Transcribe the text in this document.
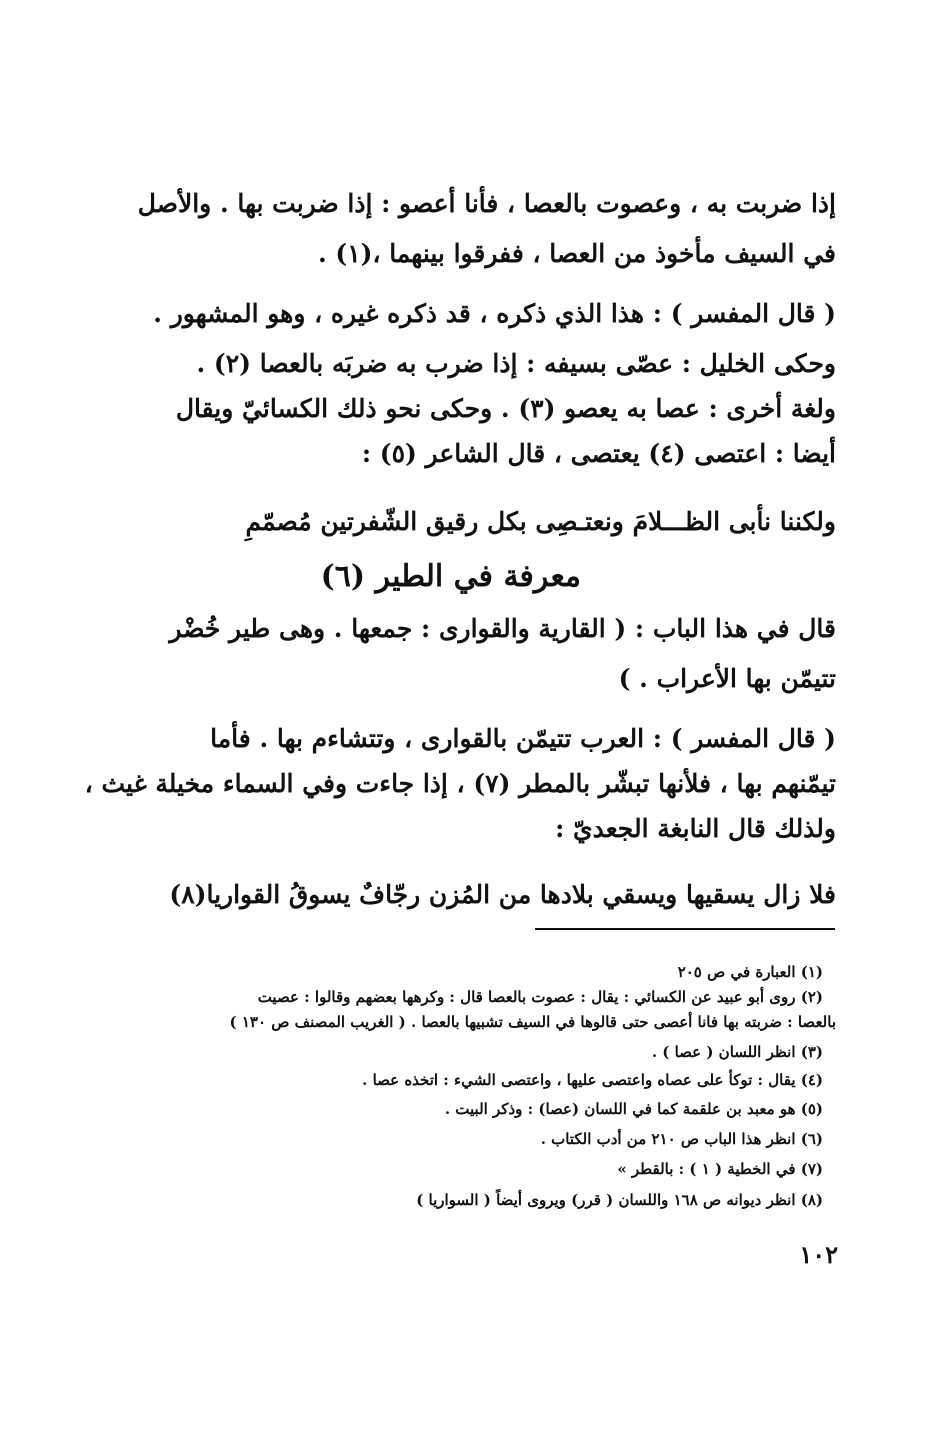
إذا ضربت به ، وعصوت بالعصا ، فأنا أعصو : إذا ضربت بها . والأصل
في السيف مأخوذ من العصا ، ففرقوا بينهما ،(١) .
( قال المفسر ) : هذا الذي ذكره ، قد ذكره غيره ، وهو المشهور .
وحكى الخليل : عصّى بسيفه : إذا ضرب به ضربَه بالعصا (٢) .
ولغة أخرى : عصا به يعصو (٣) . وحكى نحو ذلك الكسائيّ ويقال
أيضا : اعتصى (٤) يعتصى ، قال الشاعر (٥) :
ولكننا نأبى الظـــلامَ ونعتـصِى بكل رقيق الشّفرتين مُصمّمِ
معرفة في الطير (٦)
قال في هذا الباب : ( القارية والقوارى : جمعها . وهى طير خُضْر
تتيمّن بها الأعراب . )
( قال المفسر ) : العرب تتيمّن بالقوارى ، وتتشاءم بها . فأما
تيمّنهم بها ، فلأنها تبشّر بالمطر (٧) ، إذا جاءت وفي السماء مخيلة غيث ،
ولذلك قال النابغة الجعديّ :
فلا زال يسقيها ويسقي بلادها من المُزن رجّافٌ يسوقُ القواريا(٨)
(١) العبارة في ص ٢٠٥
(٢) روى أبو عبيد عن الكسائي : يقال : عصوت بالعصا قال : وكرهها بعضهم وقالوا : عصيت
بالعصا : ضربته بها فانا أعصى حتى قالوها في السيف تشبيها بالعصا . ( الغريب المصنف ص ١٣٠ )
(٣) انظر اللسان ( عصا ) .
(٤) يقال : توكأ على عصاه واعتصى عليها ، واعتصى الشيء : اتخذه عصا .
(٥) هو معبد بن علقمة كما في اللسان (عصا) : وذكر البيت .
(٦) انظر هذا الباب ص ٢١٠ من أدب الكتاب .
(٧) في الخطية ( ١ ) : بالقطر »
(٨) انظر ديوانه ص ١٦٨ واللسان ( قرر) ويروى أيضاً ( السواريا )
١٠٢
